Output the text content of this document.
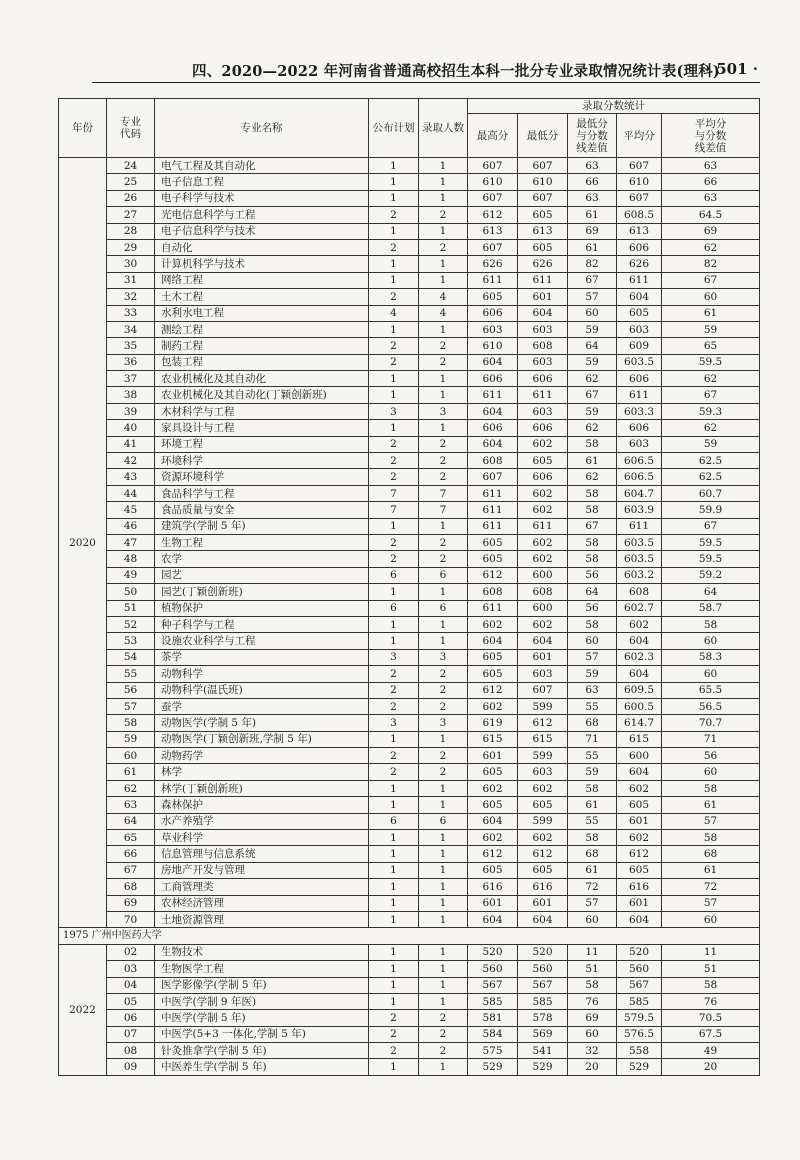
四、2020—2022 年河南省普通高校招生本科一批分专业录取情况统计表(理科)
· 501 ·
年份	专业代码	专业名称	公布计划	录取人数	录取分数统计				
					最高分	最低分	最低分与分数线差值	平均分	平均分与分数线差值
2020	24	电气工程及其自动化	1	1	607	607	63	607	63
	25	电子信息工程	1	1	610	610	66	610	66
	26	电子科学与技术	1	1	607	607	63	607	63
	27	光电信息科学与工程	2	2	612	605	61	608.5	64.5
	28	电子信息科学与技术	1	1	613	613	69	613	69
	29	自动化	2	2	607	605	61	606	62
	30	计算机科学与技术	1	1	626	626	82	626	82
	31	网络工程	1	1	611	611	67	611	67
	32	土木工程	2	4	605	601	57	604	60
	33	水利水电工程	4	4	606	604	60	605	61
	34	测绘工程	1	1	603	603	59	603	59
	35	制药工程	2	2	610	608	64	609	65
	36	包装工程	2	2	604	603	59	603.5	59.5
	37	农业机械化及其自动化	1	1	606	606	62	606	62
	38	农业机械化及其自动化(丁颖创新班)	1	1	611	611	67	611	67
	39	木材科学与工程	3	3	604	603	59	603.3	59.3
	40	家具设计与工程	1	1	606	606	62	606	62
	41	环境工程	2	2	604	602	58	603	59
	42	环境科学	2	2	608	605	61	606.5	62.5
	43	资源环境科学	2	2	607	606	62	606.5	62.5
	44	食品科学与工程	7	7	611	602	58	604.7	60.7
	45	食品质量与安全	7	7	611	602	58	603.9	59.9
	46	建筑学(学制 5 年)	1	1	611	611	67	611	67
	47	生物工程	2	2	605	602	58	603.5	59.5
	48	农学	2	2	605	602	58	603.5	59.5
	49	园艺	6	6	612	600	56	603.2	59.2
	50	园艺(丁颖创新班)	1	1	608	608	64	608	64
	51	植物保护	6	6	611	600	56	602.7	58.7
	52	种子科学与工程	1	1	602	602	58	602	58
	53	设施农业科学与工程	1	1	604	604	60	604	60
	54	茶学	3	3	605	601	57	602.3	58.3
	55	动物科学	2	2	605	603	59	604	60
	56	动物科学(温氏班)	2	2	612	607	63	609.5	65.5
	57	蚕学	2	2	602	599	55	600.5	56.5
	58	动物医学(学制 5 年)	3	3	619	612	68	614.7	70.7
	59	动物医学(丁颖创新班,学制 5 年)	1	1	615	615	71	615	71
	60	动物药学	2	2	601	599	55	600	56
	61	林学	2	2	605	603	59	604	60
	62	林学(丁颖创新班)	1	1	602	602	58	602	58
	63	森林保护	1	1	605	605	61	605	61
	64	水产养殖学	6	6	604	599	55	601	57
	65	草业科学	1	1	602	602	58	602	58
	66	信息管理与信息系统	1	1	612	612	68	612	68
	67	房地产开发与管理	1	1	605	605	61	605	61
	68	工商管理类	1	1	616	616	72	616	72
	69	农林经济管理	1	1	601	601	57	601	57
	70	土地资源管理	1	1	604	604	60	604	60
1975 广州中医药大学									
2022	02	生物技术	1	1	520	520	11	520	11
	03	生物医学工程	1	1	560	560	51	560	51
	04	医学影像学(学制 5 年)	1	1	567	567	58	567	58
	05	中医学(学制 9 年医)	1	1	585	585	76	585	76
	06	中医学(学制 5 年)	2	2	581	578	69	579.5	70.5
	07	中医学(5+3 一体化,学制 5 年)	2	2	584	569	60	576.5	67.5
	08	针灸推拿学(学制 5 年)	2	2	575	541	32	558	49
	09	中医养生学(学制 5 年)	1	1	529	529	20	529	20
